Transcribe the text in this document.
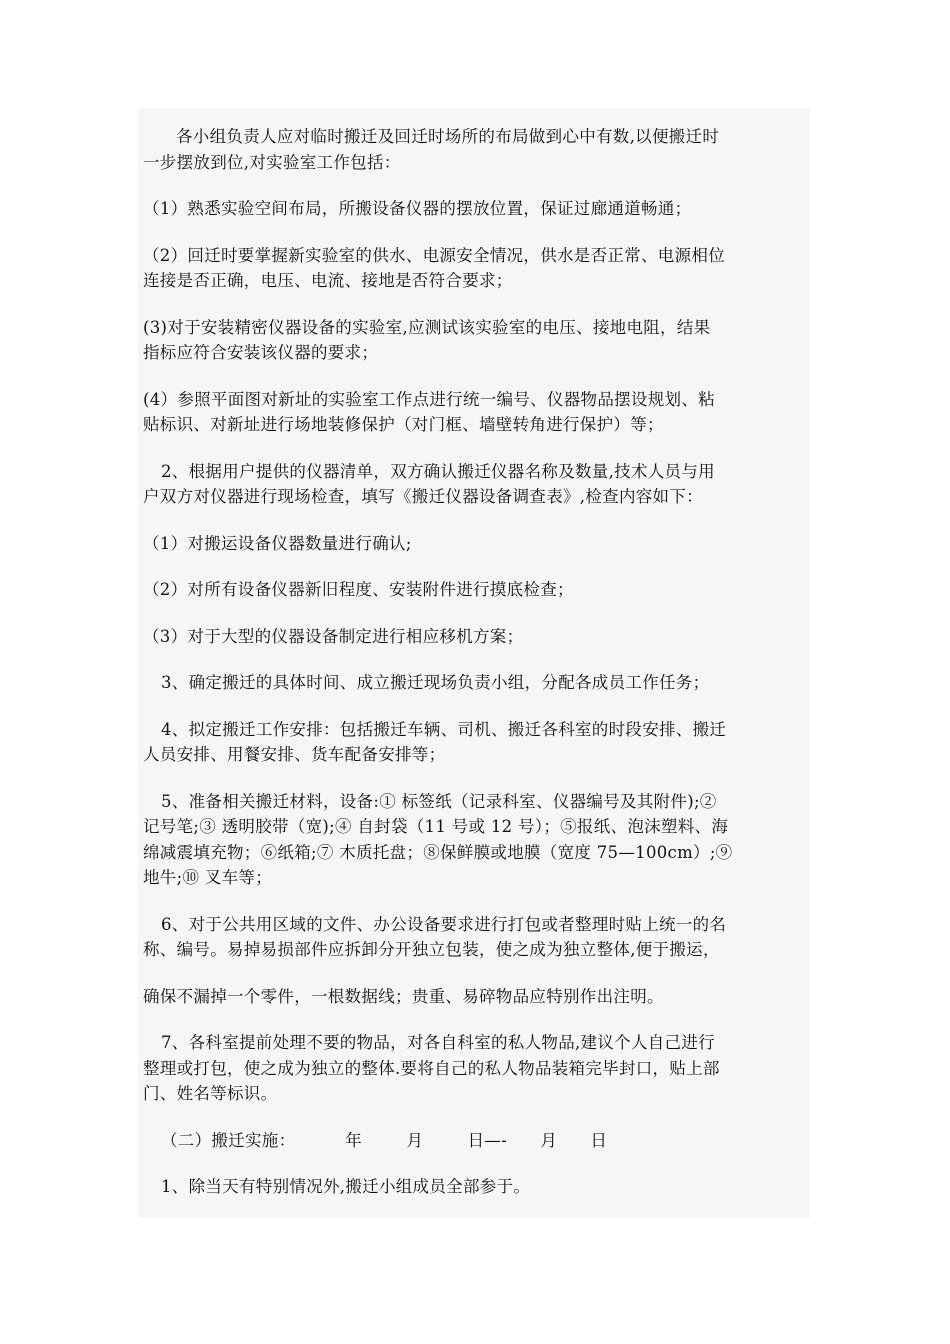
各小组负责人应对临时搬迁及回迁时场所的布局做到心中有数,以便搬迁时
一步摆放到位,对实验室工作包括：

（1）熟悉实验空间布局，所搬设备仪器的摆放位置，保证过廊通道畅通；

（2）回迁时要掌握新实验室的供水、电源安全情况，供水是否正常、电源相位
连接是否正确，电压、电流、接地是否符合要求；

(3)对于安装精密仪器设备的实验室,应测试该实验室的电压、接地电阻，结果
指标应符合安装该仪器的要求；

(4）参照平面图对新址的实验室工作点进行统一编号、仪器物品摆设规划、粘
贴标识、对新址进行场地装修保护（对门框、墙壁转角进行保护）等；

2、根据用户提供的仪器清单，双方确认搬迁仪器名称及数量,技术人员与用
户双方对仪器进行现场检查，填写《搬迁仪器设备调查表》,检查内容如下：

（1）对搬运设备仪器数量进行确认;

（2）对所有设备仪器新旧程度、安装附件进行摸底检查；

（3）对于大型的仪器设备制定进行相应移机方案；

3、确定搬迁的具体时间、成立搬迁现场负责小组，分配各成员工作任务；

4、拟定搬迁工作安排：包括搬迁车辆、司机、搬迁各科室的时段安排、搬迁
人员安排、用餐安排、货车配备安排等；

5、准备相关搬迁材料，设备:① 标签纸（记录科室、仪器编号及其附件);②
记号笔;③ 透明胶带（宽);④ 自封袋（11 号或 12 号）；⑤报纸、泡沫塑料、海
绵减震填充物；⑥纸箱;⑦ 木质托盘；⑧保鲜膜或地膜（宽度 75—100cm）;⑨
地牛;⑩ 叉车等；

6、对于公共用区域的文件、办公设备要求进行打包或者整理时贴上统一的名
称、编号。易掉易损部件应拆卸分开独立包装，使之成为独立整体,便于搬运，

确保不漏掉一个零件，一根数据线；贵重、易碎物品应特别作出注明。

7、各科室提前处理不要的物品，对各自科室的私人物品,建议个人自己进行
整理或打包，使之成为独立的整体.要将自己的私人物品装箱完毕封口，贴上部
门、姓名等标识。

（二）搬迁实施：         年        月        日—-      月      日

1、除当天有特别情况外,搬迁小组成员全部参于。
